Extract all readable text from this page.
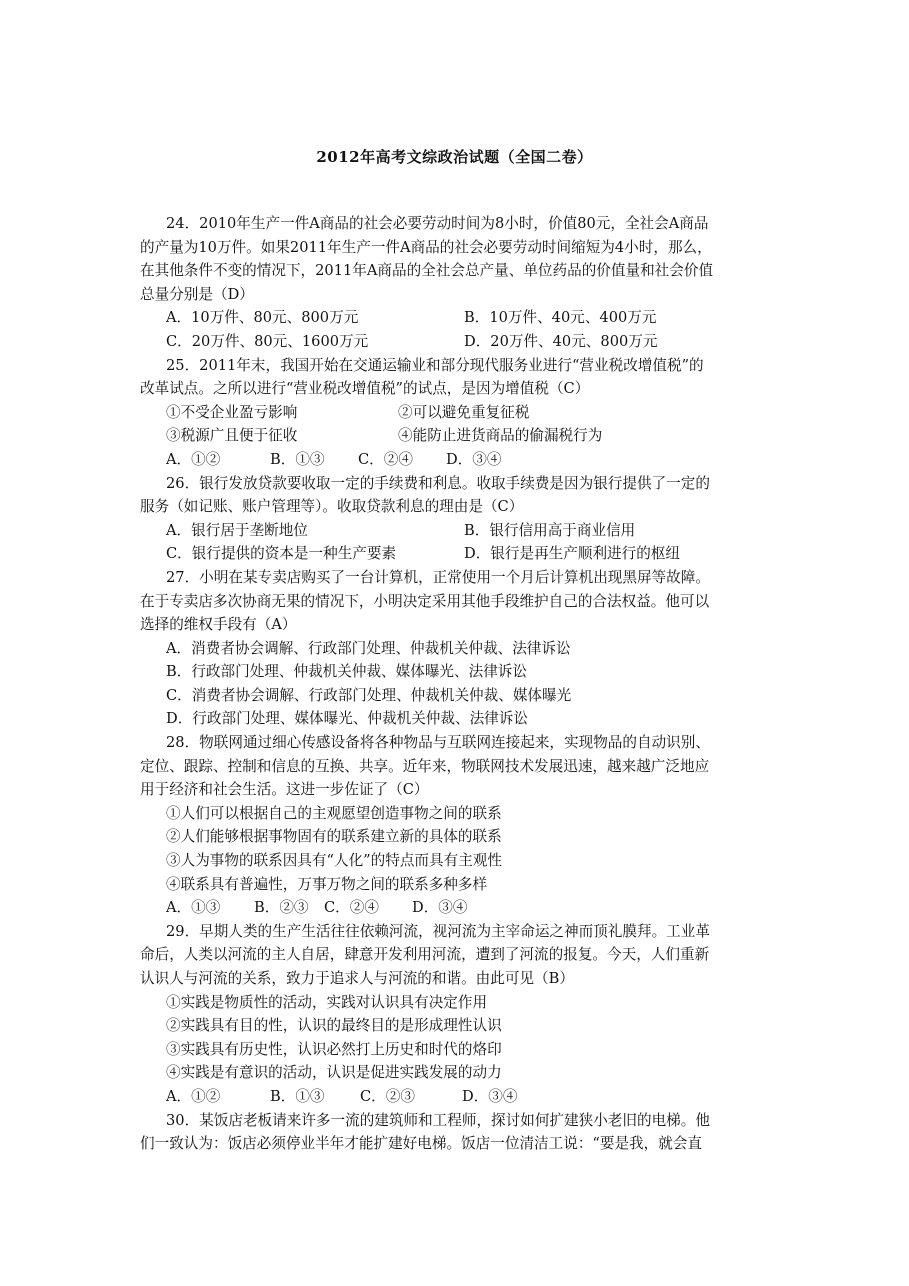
2012年高考文综政治试题（全国二卷）
24．2010年生产一件A商品的社会必要劳动时间为8小时，价值80元，全社会A商品
的产量为10万件。如果2011年生产一件A商品的社会必要劳动时间缩短为4小时，那么，
在其他条件不变的情况下，2011年A商品的全社会总产量、单位药品的价值量和社会价值
总量分别是（D）
A．10万件、80元、800万元	B．10万件、40元、400万元
C．20万件、80元、1600万元	D．20万件、40元、800万元
25．2011年末，我国开始在交通运输业和部分现代服务业进行“营业税改增值税”的
改革试点。之所以进行“营业税改增值税”的试点，是因为增值税（C）
①不受企业盈亏影响	②可以避免重复征税
③税源广且便于征收	④能防止进货商品的偷漏税行为
A．①②	B．①③	C．②④	D．③④
26．银行发放贷款要收取一定的手续费和利息。收取手续费是因为银行提供了一定的
服务（如记账、账户管理等）。收取贷款利息的理由是（C）
A．银行居于垄断地位	B．银行信用高于商业信用
C．银行提供的资本是一种生产要素	D．银行是再生产顺利进行的枢纽
27．小明在某专卖店购买了一台计算机，正常使用一个月后计算机出现黑屏等故障。
在于专卖店多次协商无果的情况下，小明决定采用其他手段维护自己的合法权益。他可以
选择的维权手段有（A）
A．消费者协会调解、行政部门处理、仲裁机关仲裁、法律诉讼
B．行政部门处理、仲裁机关仲裁、媒体曝光、法律诉讼
C．消费者协会调解、行政部门处理、仲裁机关仲裁、媒体曝光
D．行政部门处理、媒体曝光、仲裁机关仲裁、法律诉讼
28．物联网通过细心传感设备将各种物品与互联网连接起来，实现物品的自动识别、
定位、跟踪、控制和信息的互换、共享。近年来，物联网技术发展迅速，越来越广泛地应
用于经济和社会生活。这进一步佐证了（C）
①人们可以根据自己的主观愿望创造事物之间的联系
②人们能够根据事物固有的联系建立新的具体的联系
③人为事物的联系因具有“人化”的特点而具有主观性
④联系具有普遍性，万事万物之间的联系多种多样
A．①③	B．②③	C．②④	D．③④
29．早期人类的生产生活往往依赖河流，视河流为主宰命运之神而顶礼膜拜。工业革
命后，人类以河流的主人自居，肆意开发利用河流，遭到了河流的报复。今天，人们重新
认识人与河流的关系，致力于追求人与河流的和谐。由此可见（B）
①实践是物质性的活动，实践对认识具有决定作用
②实践具有目的性，认识的最终目的是形成理性认识
③实践具有历史性，认识必然打上历史和时代的烙印
④实践是有意识的活动，认识是促进实践发展的动力
A．①②	B．①③	C．②③	D．③④
30．某饭店老板请来许多一流的建筑师和工程师，探讨如何扩建狭小老旧的电梯。他
们一致认为：饭店必须停业半年才能扩建好电梯。饭店一位清洁工说：“要是我，就会直
